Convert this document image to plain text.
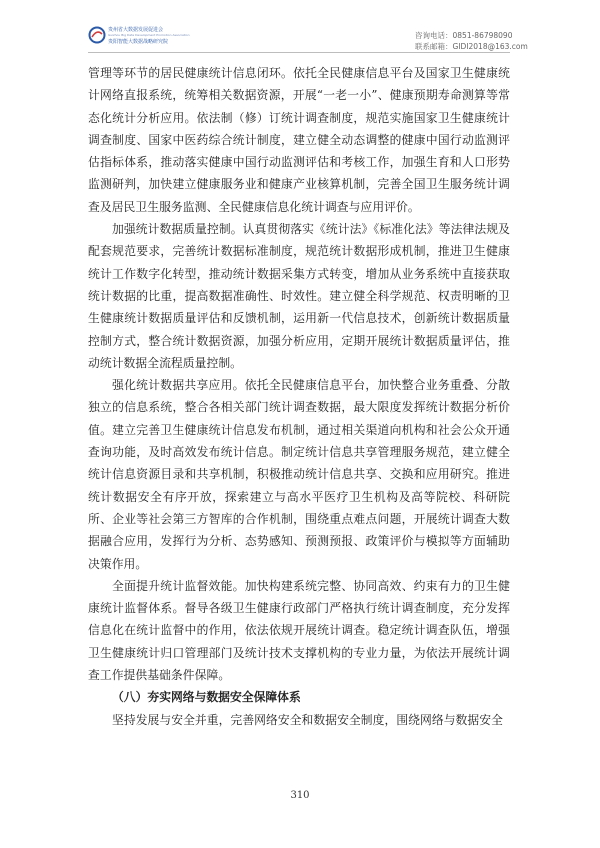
贵州省大数据发展促进会
Guizhou Big Data Development Promotion Association
贵阳智能大数据战略研究院
咨询电话：0851-86798090
联系邮箱：GIDI2018@163.com

管理等环节的居民健康统计信息闭环。依托全民健康信息平台及国家卫生健康统计网络直报系统，统筹相关数据资源，开展“一老一小”、健康预期寿命测算等常态化统计分析应用。依法制（修）订统计调查制度，规范实施国家卫生健康统计调查制度、国家中医药综合统计制度，建立健全动态调整的健康中国行动监测评估指标体系，推动落实健康中国行动监测评估和考核工作，加强生育和人口形势监测研判，加快建立健康服务业和健康产业核算机制，完善全国卫生服务统计调查及居民卫生服务监测、全民健康信息化统计调查与应用评价。

加强统计数据质量控制。认真贯彻落实《统计法》《标准化法》等法律法规及配套规范要求，完善统计数据标准制度，规范统计数据形成机制，推进卫生健康统计工作数字化转型，推动统计数据采集方式转变，增加从业务系统中直接获取统计数据的比重，提高数据准确性、时效性。建立健全科学规范、权责明晰的卫生健康统计数据质量评估和反馈机制，运用新一代信息技术，创新统计数据质量控制方式，整合统计数据资源，加强分析应用，定期开展统计数据质量评估，推动统计数据全流程质量控制。

强化统计数据共享应用。依托全民健康信息平台，加快整合业务重叠、分散独立的信息系统，整合各相关部门统计调查数据，最大限度发挥统计数据分析价值。建立完善卫生健康统计信息发布机制，通过相关渠道向机构和社会公众开通查询功能，及时高效发布统计信息。制定统计信息共享管理服务规范，建立健全统计信息资源目录和共享机制，积极推动统计信息共享、交换和应用研究。推进统计数据安全有序开放，探索建立与高水平医疗卫生机构及高等院校、科研院所、企业等社会第三方智库的合作机制，围绕重点难点问题，开展统计调查大数据融合应用，发挥行为分析、态势感知、预测预报、政策评价与模拟等方面辅助决策作用。

全面提升统计监督效能。加快构建系统完整、协同高效、约束有力的卫生健康统计监督体系。督导各级卫生健康行政部门严格执行统计调查制度，充分发挥信息化在统计监督中的作用，依法依规开展统计调查。稳定统计调查队伍，增强卫生健康统计归口管理部门及统计技术支撑机构的专业力量，为依法开展统计调查工作提供基础条件保障。

（八）夯实网络与数据安全保障体系

坚持发展与安全并重，完善网络安全和数据安全制度，围绕网络与数据安全

310
